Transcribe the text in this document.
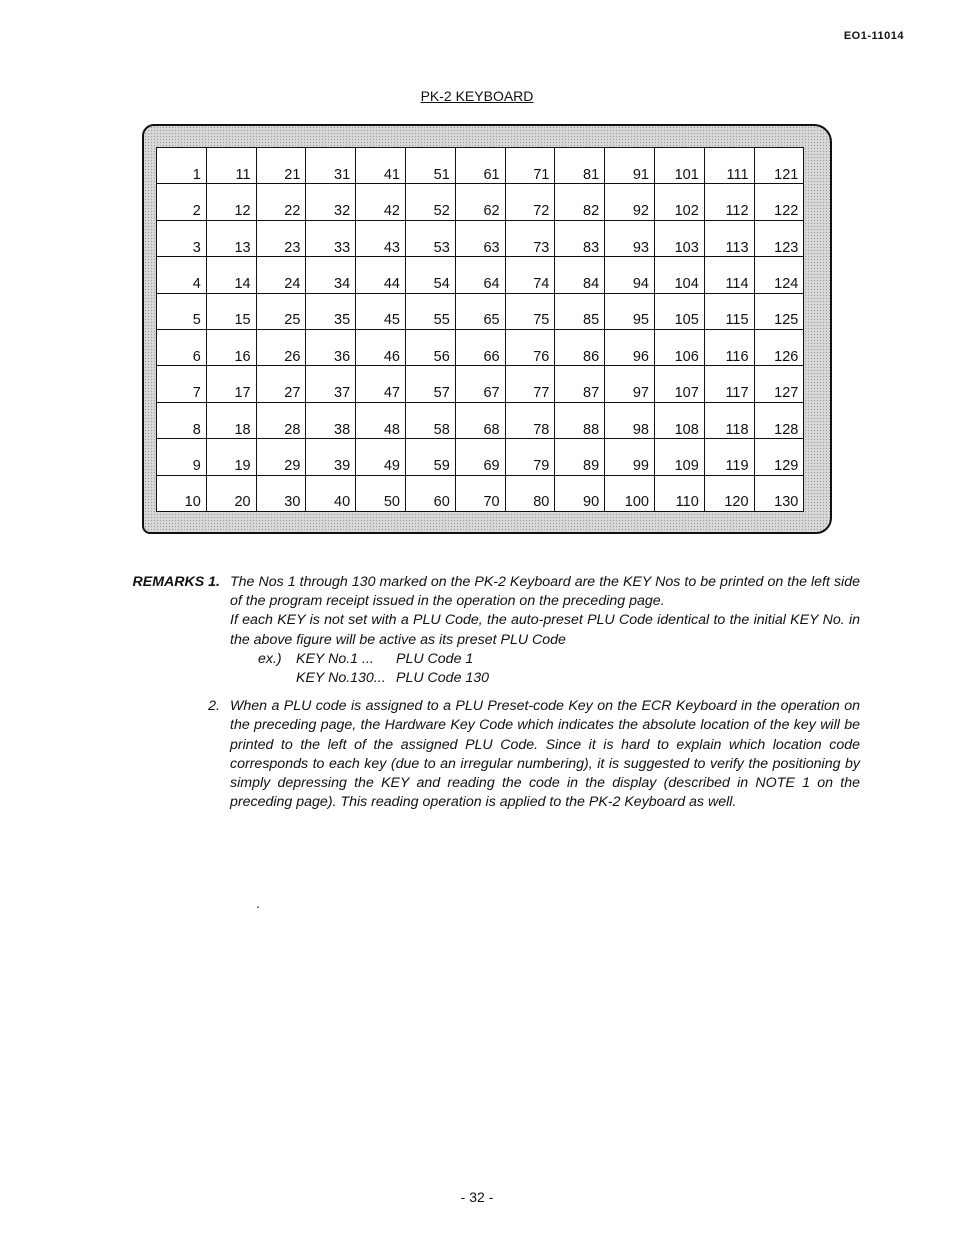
EO1-11014
PK-2 KEYBOARD
1	11	21	31	41	51	61	71	81	91	101	111	121
2	12	22	32	42	52	62	72	82	92	102	112	122
3	13	23	33	43	53	63	73	83	93	103	113	123
4	14	24	34	44	54	64	74	84	94	104	114	124
5	15	25	35	45	55	65	75	85	95	105	115	125
6	16	26	36	46	56	66	76	86	96	106	116	126
7	17	27	37	47	57	67	77	87	97	107	117	127
8	18	28	38	48	58	68	78	88	98	108	118	128
9	19	29	39	49	59	69	79	89	99	109	119	129
10	20	30	40	50	60	70	80	90	100	110	120	130
REMARKS 1. The Nos 1 through 130 marked on the PK-2 Keyboard are the KEY Nos to be printed on the left side of the program receipt issued in the operation on the preceding page.

If each KEY is not set with a PLU Code, the auto-preset PLU Code identical to the initial KEY No. in the above figure will be active as its preset PLU Code

ex.)	KEY No.1 ...	PLU Code 1
KEY No.130... PLU Code 130
2. When a PLU code is assigned to a PLU Preset-code Key on the ECR Keyboard in the operation on the preceding page, the Hardware Key Code which indicates the absolute location of the key will be printed to the left of the assigned PLU Code. Since it is hard to explain which location code corresponds to each key (due to an irregular numbering), it is suggested to verify the positioning by simply depressing the KEY and reading the code in the display (described in NOTE 1 on the preceding page). This reading operation is applied to the PK-2 Keyboard as well.

.
- 32 -
